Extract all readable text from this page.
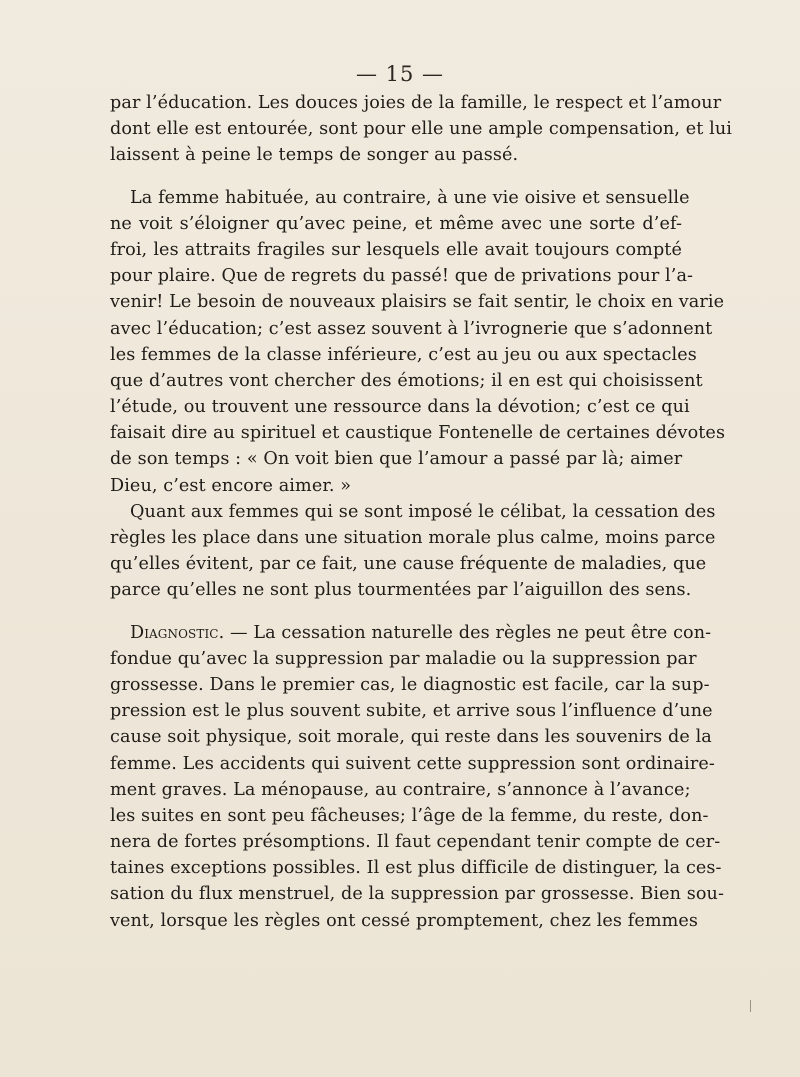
— 15 —
par l’éducation. Les douces joies de la famille, le respect et l’amour
dont elle est entourée, sont pour elle une ample compensation, et lui
laissent à peine le temps de songer au passé.
La femme habituée, au contraire, à une vie oisive et sensuelle
ne voit s’éloigner qu’avec peine, et même avec une sorte d’ef-
froi, les attraits fragiles sur lesquels elle avait toujours compté
pour plaire. Que de regrets du passé! que de privations pour l’a-
venir! Le besoin de nouveaux plaisirs se fait sentir, le choix en varie
avec l’éducation; c’est assez souvent à l’ivrognerie que s’adonnent
les femmes de la classe inférieure, c’est au jeu ou aux spectacles
que d’autres vont chercher des émotions; il en est qui choisissent
l’étude, ou trouvent une ressource dans la dévotion; c’est ce qui
faisait dire au spirituel et caustique Fontenelle de certaines dévotes
de son temps : « On voit bien que l’amour a passé par là; aimer
Dieu, c’est encore aimer. »
Quant aux femmes qui se sont imposé le célibat, la cessation des
règles les place dans une situation morale plus calme, moins parce
qu’elles évitent, par ce fait, une cause fréquente de maladies, que
parce qu’elles ne sont plus tourmentées par l’aiguillon des sens.
Diagnostic. — La cessation naturelle des règles ne peut être con-
fondue qu’avec la suppression par maladie ou la suppression par
grossesse. Dans le premier cas, le diagnostic est facile, car la sup-
pression est le plus souvent subite, et arrive sous l’influence d’une
cause soit physique, soit morale, qui reste dans les souvenirs de la
femme. Les accidents qui suivent cette suppression sont ordinaire-
ment graves. La ménopause, au contraire, s’annonce à l’avance;
les suites en sont peu fâcheuses; l’âge de la femme, du reste, don-
nera de fortes présomptions. Il faut cependant tenir compte de cer-
taines exceptions possibles. Il est plus difficile de distinguer, la ces-
sation du flux menstruel, de la suppression par grossesse. Bien sou-
vent, lorsque les règles ont cessé promptement, chez les femmes
